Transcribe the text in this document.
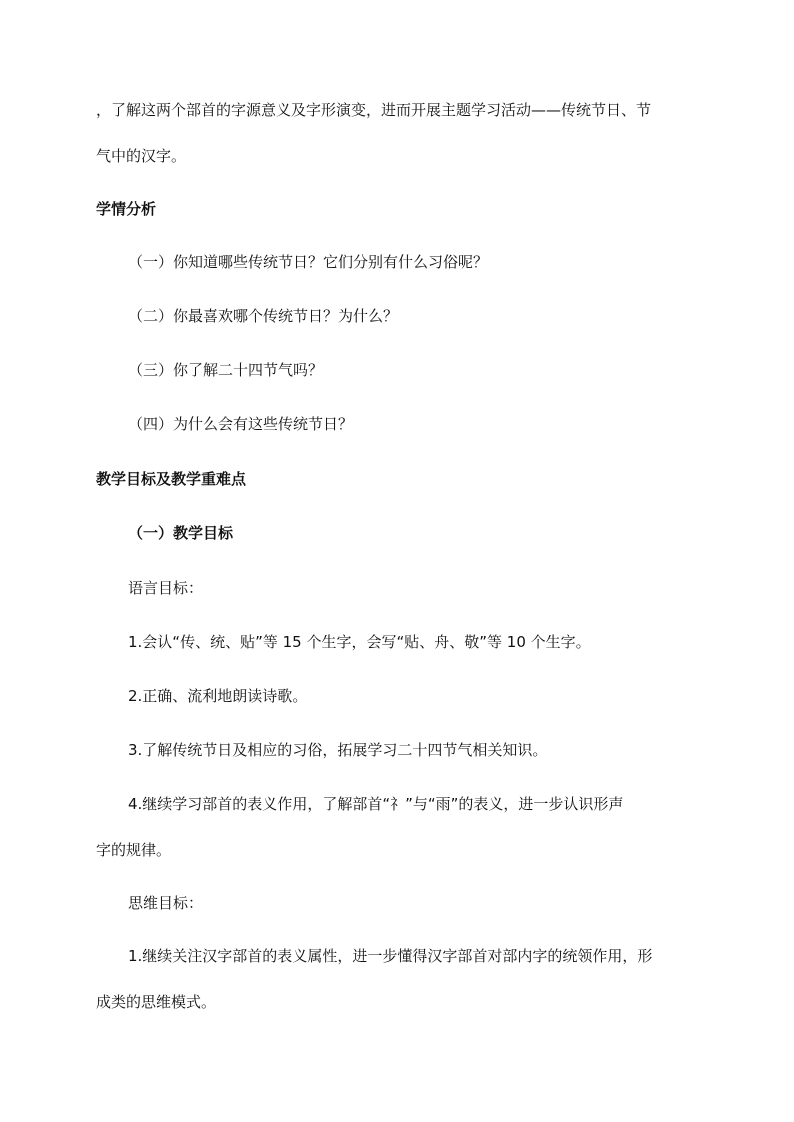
，了解这两个部首的字源意义及字形演变，进而开展主题学习活动——传统节日、节
气中的汉字。
学情分析
（一）你知道哪些传统节日？它们分别有什么习俗呢？
（二）你最喜欢哪个传统节日？为什么？
（三）你了解二十四节气吗？
（四）为什么会有这些传统节日？
教学目标及教学重难点
（一）教学目标
语言目标：
1.会认“传、统、贴”等 15 个生字，会写“贴、舟、敬”等 10 个生字。
2.正确、流利地朗读诗歌。
3.了解传统节日及相应的习俗，拓展学习二十四节气相关知识。
4.继续学习部首的表义作用，了解部首“礻”与“雨”的表义，进一步认识形声
字的规律。
思维目标：
1.继续关注汉字部首的表义属性，进一步懂得汉字部首对部内字的统领作用，形
成类的思维模式。
